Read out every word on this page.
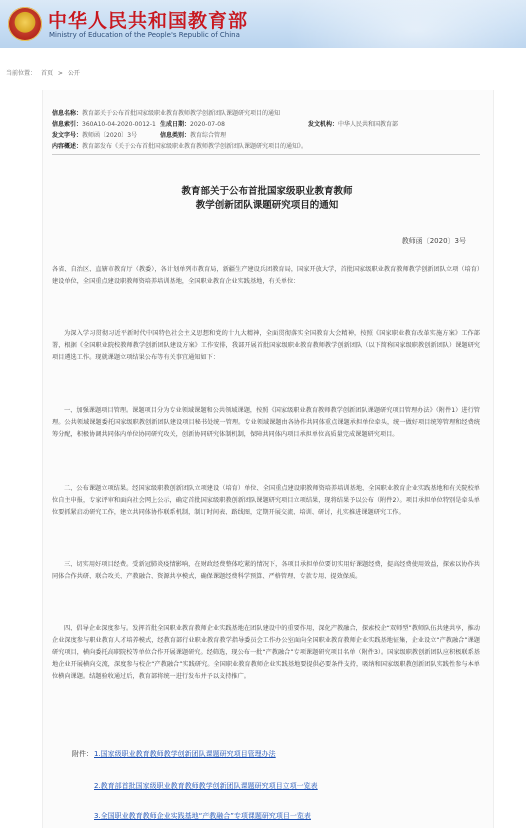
中华人民共和国教育部
Ministry of Education of the People's Republic of China
当前位置： 首页 > 公开
信息名称：教育部关于公布首批国家级职业教育教师教学创新团队课题研究项目的通知
信息索引：360A10-04-2020-0012-1 生成日期：2020-07-08	发文机构：中华人民共和国教育部
发文字号：教师函〔2020〕3号	信息类别：教育综合管理
内容概述：教育部发布《关于公布首批国家级职业教育教师教学创新团队课题研究项目的通知》。
教育部关于公布首批国家级职业教育教师
教学创新团队课题研究项目的通知
教师函〔2020〕3号

各省、自治区、直辖市教育厅（教委），各计划单列市教育局，新疆生产建设兵团教育局，国家开放大学，首批国家级职业教育教师教学创新团队立项（培育）建设单位，全国重点建设职教师资培养培训基地，全国职业教育企业实践基地，有关单位：

为深入学习贯彻习近平新时代中国特色社会主义思想和党的十九大精神，全面贯彻落实全国教育大会精神，按照《国家职业教育改革实施方案》工作部署，根据《全国职业院校教师教学创新团队建设方案》工作安排，我部开展首批国家级职业教育教师教学创新团队（以下简称国家级职教创新团队）课题研究项目遴选工作。现就课题立项结果公布等有关事宜通知如下：

一、加强课题项目管理。课题项目分为专业领域课题和公共领域课题，按照《国家级职业教育教师教学创新团队课题研究项目管理办法》（附件1）进行管理。公共领域课题委托国家级职教创新团队建设项目秘书处统一管理。专业领域课题由各协作共同体重点课题承担单位牵头，统一做好项目统筹管理和经费统筹分配，积极协调共同体内单位协同研究攻关，创新协同研究体制机制，保障共同体内项目承担单位高质量完成课题研究项目。

二、公布课题立项结果。经国家级职教创新团队立项建设（培育）单位、全国重点建设职教师资培养培训基地、全国职业教育企业实践基地和有关院校单位自主申报，专家评审和面向社会网上公示，确定首批国家级职教创新团队课题研究项目立项结果，现将结果予以公布（附件2）。项目承担单位特别是牵头单位要抓紧启动研究工作，建立共同体协作联系机制，制订时间表、路线图，定期开展交流、培训、研讨，扎实推进课题研究工作。

三、切实用好项目经费。受新冠肺炎疫情影响，在财政经费整体吃紧的情况下，各项目承担单位要切实用好课题经费，提高经费使用效益，探索以协作共同体合作共研、联合攻关、产教融合、资源共享模式，确保课题经费科学预算、严格管理、专款专用、提效保质。

四、倡导企业深度参与。发挥首批全国职业教育教师企业实践基地在团队建设中的重要作用，深化产教融合，探索校企“双师型”教师队伍共建共享，推动企业深度参与职业教育人才培养模式，经教育部行业职业教育教学指导委员会工作办公室面向全国职业教育教师企业实践基地征集，企业设立“产教融合”课题研究项目，横向委托高职院校等单位合作开展课题研究。经筛选，现公布一批“产教融合”专项课题研究项目名单（附件3）。国家级职教创新团队应积极联系基地企业开展横向交流，深度参与校企“产教融合”实践研究。全国职业教育教师企业实践基地要提供必要条件支持，吸纳和国家级职教创新团队实践性参与本单位横向课题。结题验收通过后，教育部将统一进行发布并予以支持推广。

附件： 1.国家级职业教育教师教学创新团队课题研究项目管理办法
2.教育部首批国家级职业教育教师教学创新团队课题研究项目立项一览表
3.全国职业教育教师企业实践基地“产教融合”专项课题研究项目一览表
